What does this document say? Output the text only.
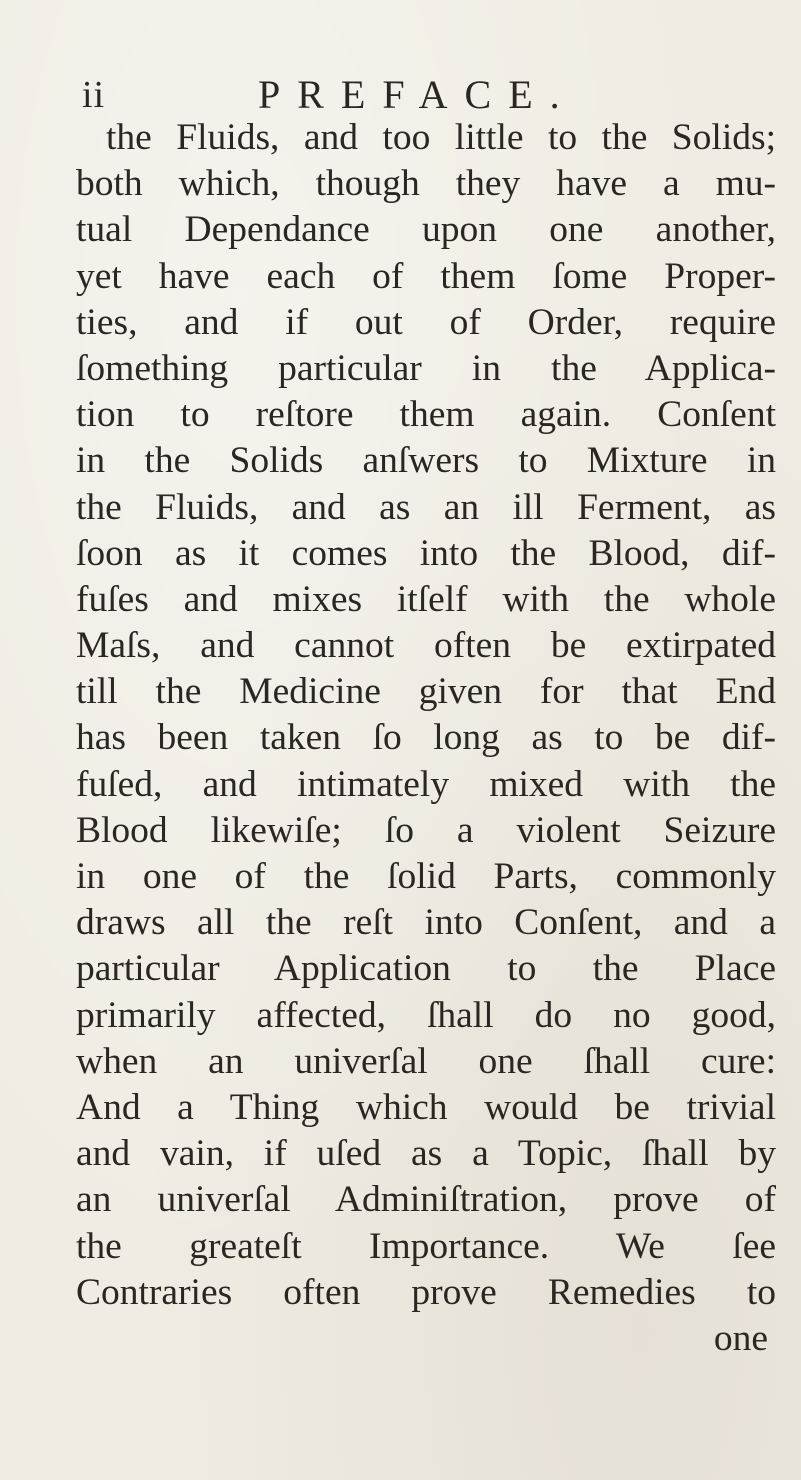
ii	PREFACE.
the Fluids, and too little to the Solids;
both which, though they have a mu-
tual Dependance upon one another,
yet have each of them ſome Proper-
ties, and if out of Order, require
ſomething particular in the Applica-
tion to reſtore them again. Conſent
in the Solids anſwers to Mixture in
the Fluids, and as an ill Ferment, as
ſoon as it comes into the Blood, dif-
fuſes and mixes itſelf with the whole
Maſs, and cannot often be extirpated
till the Medicine given for that End
has been taken ſo long as to be dif-
fuſed, and intimately mixed with the
Blood likewiſe; ſo a violent Seizure
in one of the ſolid Parts, commonly
draws all the reſt into Conſent, and a
particular Application to the Place
primarily affected, ſhall do no good,
when an univerſal one ſhall cure:
And a Thing which would be trivial
and vain, if uſed as a Topic, ſhall by
an univerſal Adminiſtration, prove of
the greateſt Importance. We ſee
Contraries often prove Remedies to
one
